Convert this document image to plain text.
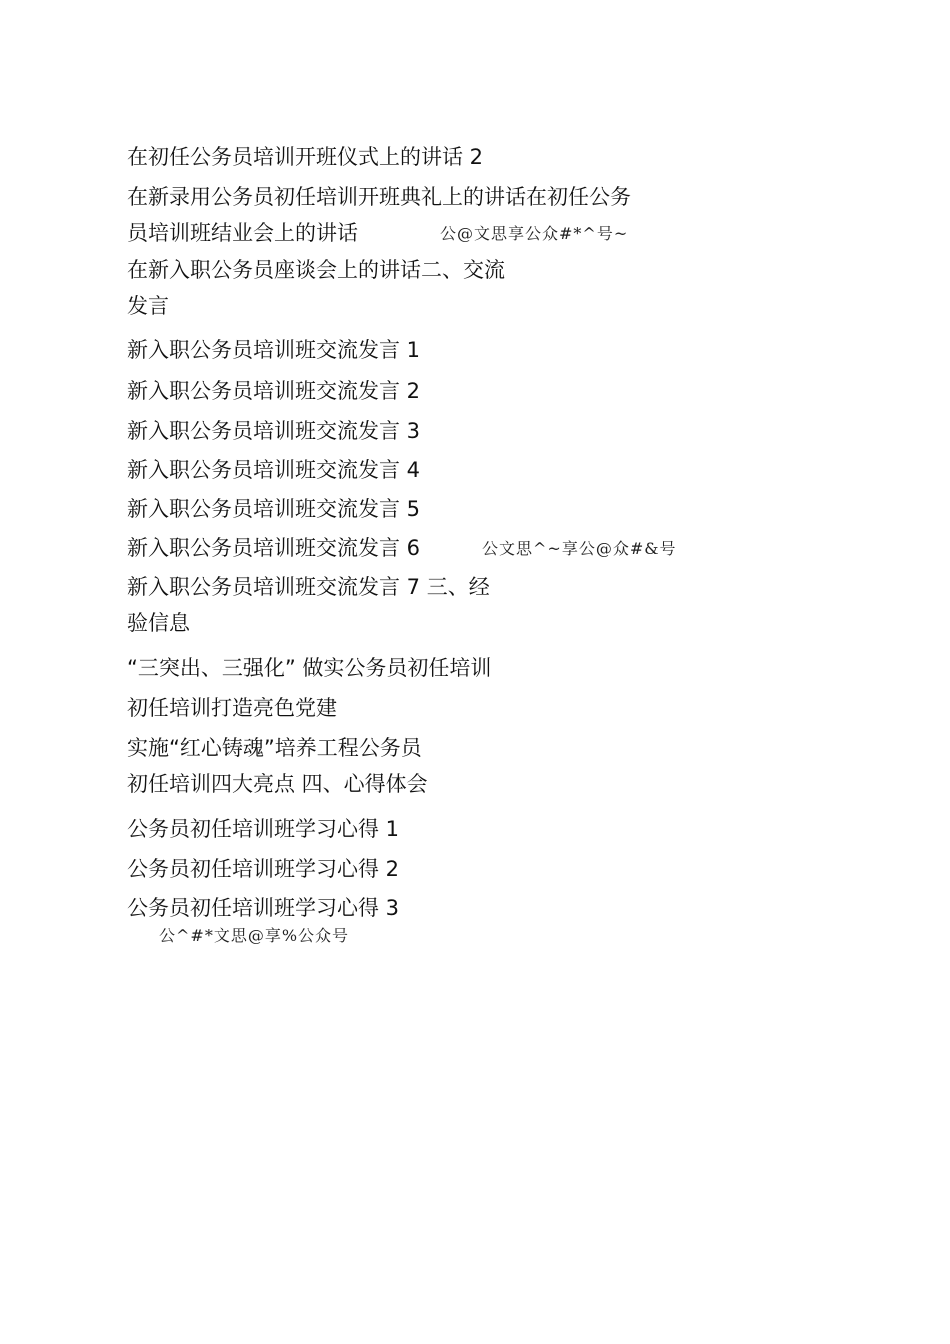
在初任公务员培训开班仪式上的讲话 2
在新录用公务员初任培训开班典礼上的讲话在初任公务
员培训班结业会上的讲话
在新入职公务员座谈会上的讲话二、交流
发言
新入职公务员培训班交流发言 1
新入职公务员培训班交流发言 2
新入职公务员培训班交流发言 3
新入职公务员培训班交流发言 4
新入职公务员培训班交流发言 5
新入职公务员培训班交流发言 6
新入职公务员培训班交流发言 7 三、经
验信息
“三突出、三强化” 做实公务员初任培训
初任培训打造亮色党建
实施“红心铸魂”培养工程公务员
初任培训四大亮点 四、心得体会
公务员初任培训班学习心得 1
公务员初任培训班学习心得 2
公务员初任培训班学习心得 3
公@文思享公众#*^号~
公文思^~享公@众#&号
公^#*文思@享%公众号
